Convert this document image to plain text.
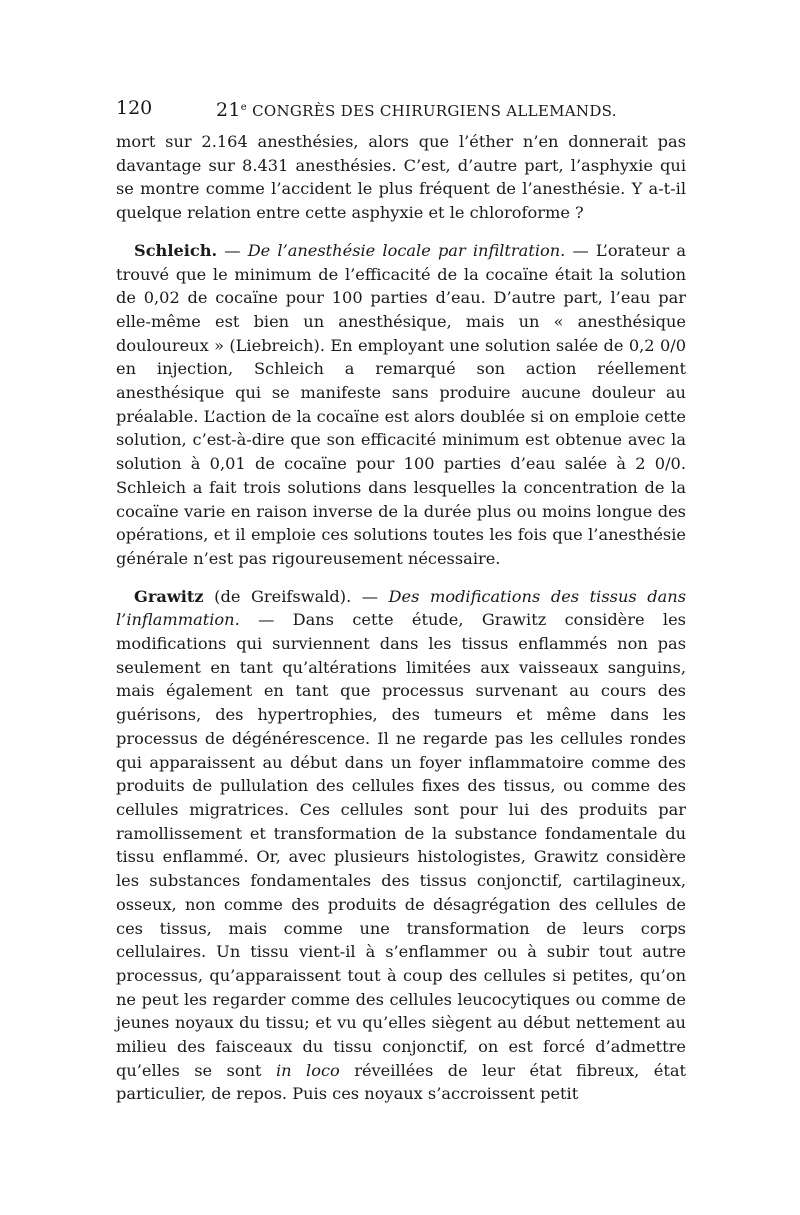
120	21e CONGRÈS DES CHIRURGIENS ALLEMANDS.

mort sur 2.164 anesthésies, alors que l’éther n’en donnerait pas davantage sur 8.431 anesthésies. C’est, d’autre part, l’asphyxie qui se montre comme l’accident le plus fréquent de l’anesthésie. Y a-t-il quelque relation entre cette asphyxie et le chloroforme ?

Schleich. — De l’anesthésie locale par infiltration. — L’orateur a trouvé que le minimum de l’efficacité de la cocaïne était la solution de 0,02 de cocaïne pour 100 parties d’eau. D’autre part, l’eau par elle-même est bien un anesthésique, mais un « anesthésique douloureux » (Liebreich). En employant une solution salée de 0,2 0/0 en injection, Schleich a remarqué son action réellement anesthésique qui se manifeste sans produire aucune douleur au préalable. L’action de la cocaïne est alors doublée si on emploie cette solution, c’est-à-dire que son efficacité minimum est obtenue avec la solution à 0,01 de cocaïne pour 100 parties d’eau salée à 2 0/0. Schleich a fait trois solutions dans lesquelles la concentration de la cocaïne varie en raison inverse de la durée plus ou moins longue des opérations, et il emploie ces solutions toutes les fois que l’anesthésie générale n’est pas rigoureusement nécessaire.

Grawitz (de Greifswald). — Des modifications des tissus dans l’inflammation. — Dans cette étude, Grawitz considère les modifications qui surviennent dans les tissus enflammés non pas seulement en tant qu’altérations limitées aux vaisseaux sanguins, mais également en tant que processus survenant au cours des guérisons, des hypertrophies, des tumeurs et même dans les processus de dégénérescence. Il ne regarde pas les cellules rondes qui apparaissent au début dans un foyer inflammatoire comme des produits de pullulation des cellules fixes des tissus, ou comme des cellules migratrices. Ces cellules sont pour lui des produits par ramollissement et transformation de la substance fondamentale du tissu enflammé. Or, avec plusieurs histologistes, Grawitz considère les substances fondamentales des tissus conjonctif, cartilagineux, osseux, non comme des produits de désagrégation des cellules de ces tissus, mais comme une transformation de leurs corps cellulaires. Un tissu vient-il à s’enflammer ou à subir tout autre processus, qu’apparaissent tout à coup des cellules si petites, qu’on ne peut les regarder comme des cellules leucocytiques ou comme de jeunes noyaux du tissu; et vu qu’elles siègent au début nettement au milieu des faisceaux du tissu conjonctif, on est forcé d’admettre qu’elles se sont in loco réveillées de leur état fibreux, état particulier, de repos. Puis ces noyaux s’accroissent petit
